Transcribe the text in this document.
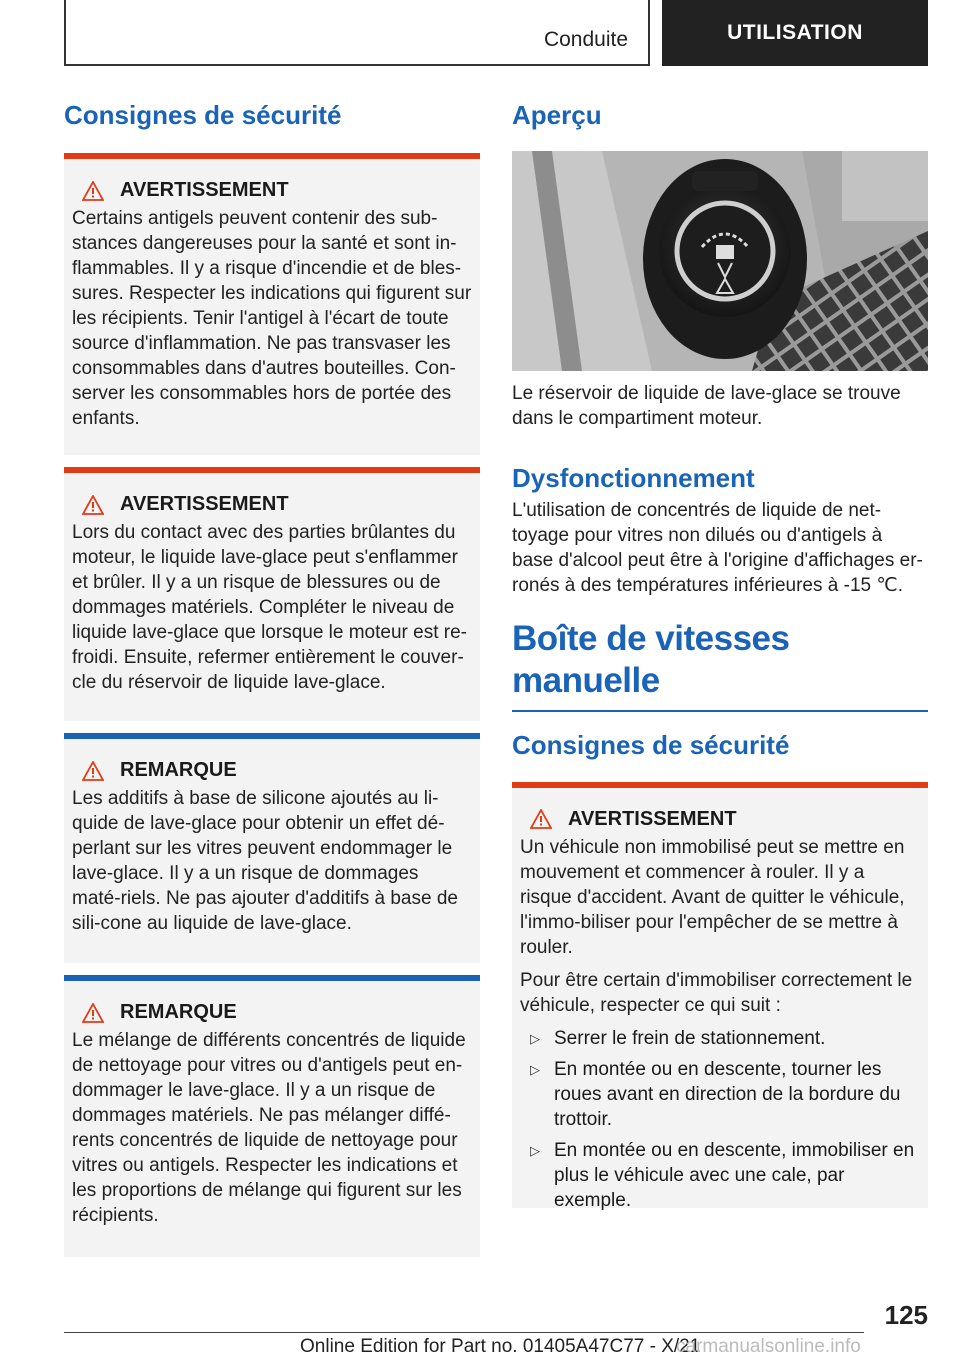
Conduite	UTILISATION
Consignes de sécurité
AVERTISSEMENT
Certains antigels peuvent contenir des sub-stances dangereuses pour la santé et sont in-flammables. Il y a risque d'incendie et de bles-sures. Respecter les indications qui figurent sur les récipients. Tenir l'antigel à l'écart de toute source d'inflammation. Ne pas transvaser les consommables dans d'autres bouteilles. Con-server les consommables hors de portée des enfants.
AVERTISSEMENT
Lors du contact avec des parties brûlantes du moteur, le liquide lave-glace peut s'enflammer et brûler. Il y a un risque de blessures ou de dommages matériels. Compléter le niveau de liquide lave-glace que lorsque le moteur est re-froidi. Ensuite, refermer entièrement le couver-cle du réservoir de liquide lave-glace.
REMARQUE
Les additifs à base de silicone ajoutés au li-quide de lave-glace pour obtenir un effet dé-perlant sur les vitres peuvent endommager le lave-glace. Il y a un risque de dommages maté-riels. Ne pas ajouter d'additifs à base de sili-cone au liquide de lave-glace.
REMARQUE
Le mélange de différents concentrés de liquide de nettoyage pour vitres ou d'antigels peut en-dommager le lave-glace. Il y a un risque de dommages matériels. Ne pas mélanger diffé-rents concentrés de liquide de nettoyage pour vitres ou antigels. Respecter les indications et les proportions de mélange qui figurent sur les récipients.
Aperçu
Le réservoir de liquide de lave-glace se trouve dans le compartiment moteur.
Dysfonctionnement
L'utilisation de concentrés de liquide de net-toyage pour vitres non dilués ou d'antigels à base d'alcool peut être à l'origine d'affichages er-ronés à des températures inférieures à -15 ℃.
Boîte de vitesses manuelle
Consignes de sécurité
AVERTISSEMENT

Un véhicule non immobilisé peut se mettre en mouvement et commencer à rouler. Il y a risque d'accident. Avant de quitter le véhicule, l'immo-biliser pour l'empêcher de se mettre à rouler.

Pour être certain d'immobiliser correctement le véhicule, respecter ce qui suit :

▷ Serrer le frein de stationnement.
▷ En montée ou en descente, tourner les roues avant en direction de la bordure du trottoir.
▷ En montée ou en descente, immobiliser en plus le véhicule avec une cale, par exemple.
125
Online Edition for Part no. 01405A47C77 - X/21
carmanualsonline.info
